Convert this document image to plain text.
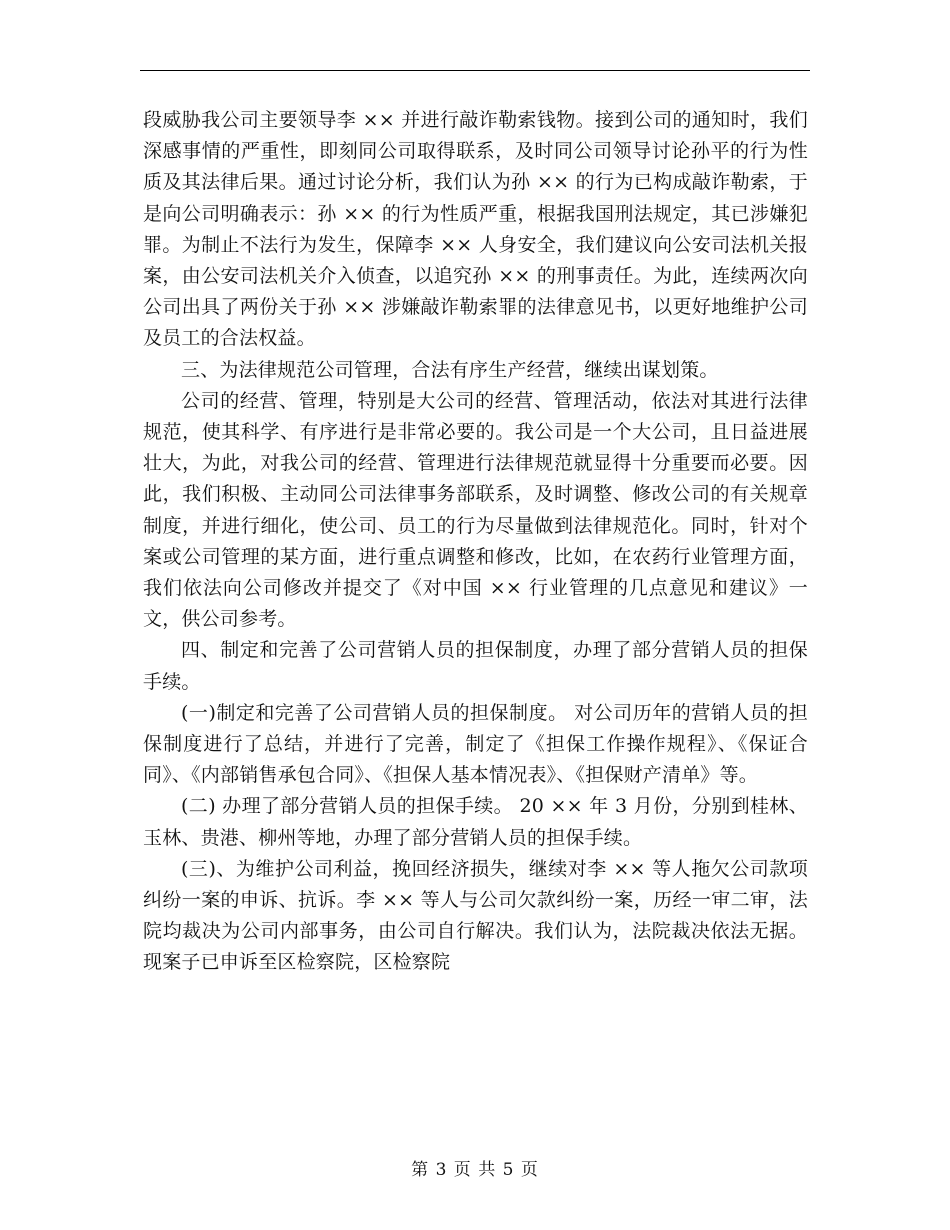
段威胁我公司主要领导李 ×× 并进行敲诈勒索钱物。接到公司的通知时，我们深感事情的严重性，即刻同公司取得联系，及时同公司领导讨论孙平的行为性质及其法律后果。通过讨论分析，我们认为孙 ×× 的行为已构成敲诈勒索，于是向公司明确表示：孙 ×× 的行为性质严重，根据我国刑法规定，其已涉嫌犯罪。为制止不法行为发生，保障李 ×× 人身安全，我们建议向公安司法机关报案，由公安司法机关介入侦查，以追究孙 ×× 的刑事责任。为此，连续两次向公司出具了两份关于孙 ×× 涉嫌敲诈勒索罪的法律意见书，以更好地维护公司及员工的合法权益。

三、为法律规范公司管理，合法有序生产经营，继续出谋划策。

公司的经营、管理，特别是大公司的经营、管理活动，依法对其进行法律规范，使其科学、有序进行是非常必要的。我公司是一个大公司，且日益进展壮大，为此，对我公司的经营、管理进行法律规范就显得十分重要而必要。因此，我们积极、主动同公司法律事务部联系，及时调整、修改公司的有关规章制度，并进行细化，使公司、员工的行为尽量做到法律规范化。同时，针对个案或公司管理的某方面，进行重点调整和修改，比如，在农药行业管理方面，我们依法向公司修改并提交了《对中国 ×× 行业管理的几点意见和建议》一文，供公司参考。

四、制定和完善了公司营销人员的担保制度，办理了部分营销人员的担保手续。

(一)制定和完善了公司营销人员的担保制度。 对公司历年的营销人员的担保制度进行了总结，并进行了完善，制定了《担保工作操作规程》、《保证合同》、《内部销售承包合同》、《担保人基本情况表》、《担保财产清单》等。

(二) 办理了部分营销人员的担保手续。 20 ×× 年 3 月份，分别到桂林、玉林、贵港、柳州等地，办理了部分营销人员的担保手续。

(三)、为维护公司利益，挽回经济损失，继续对李 ×× 等人拖欠公司款项纠纷一案的申诉、抗诉。李 ×× 等人与公司欠款纠纷一案，历经一审二审，法院均裁决为公司内部事务，由公司自行解决。我们认为，法院裁决依法无据。现案子已申诉至区检察院，区检察院

第 3 页 共 5 页
